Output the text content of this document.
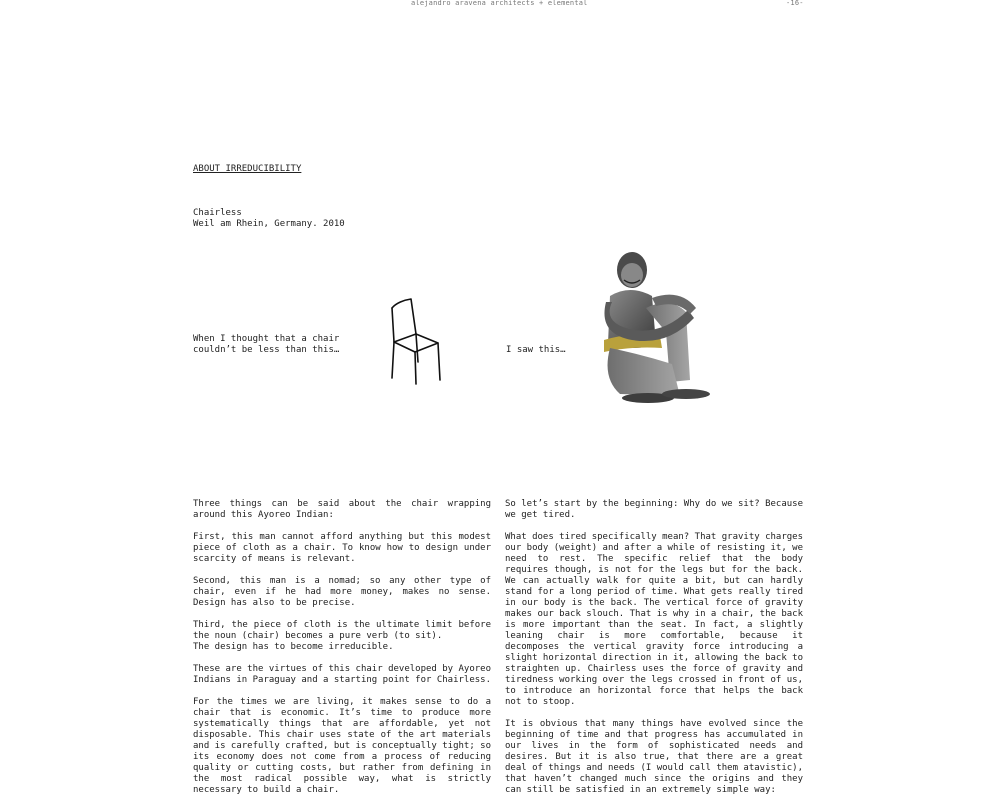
alejandro aravena architects + elemental	-16-
ABOUT IRREDUCIBILITY
Chairless
Weil am Rhein, Germany. 2010
When I thought that a chair
couldn’t be less than this…	I saw this…

Three things can be said about the chair wrapping around this Ayoreo Indian:

First, this man cannot afford anything but this modest piece of cloth as a chair. To know how to design under scarcity of means is relevant.

Second, this man is a nomad; so any other type of chair, even if he had more money, makes no sense. Design has also to be precise.

Third, the piece of cloth is the ultimate limit before the noun (chair) becomes a pure verb (to sit).
The design has to become irreducible.

These are the virtues of this chair developed by Ayoreo Indians in Paraguay and a starting point for Chairless.

For the times we are living, it makes sense to do a chair that is economic. It’s time to produce more systematically things that are affordable, yet not disposable. This chair uses state of the art materials and is carefully crafted, but is conceptually tight; so its economy does not come from a process of reducing quality or cutting costs, but rather from defining in the most radical possible way, what is strictly necessary to build a chair.

So let’s start by the beginning: Why do we sit? Because we get tired.

What does tired specifically mean? That gravity charges our body (weight) and after a while of resisting it, we need to rest. The specific relief that the body requires though, is not for the legs but for the back. We can actually walk for quite a bit, but can hardly stand for a long period of time. What gets really tired in our body is the back. The vertical force of gravity makes our back slouch. That is why in a chair, the back is more important than the seat. In fact, a slightly leaning chair is more comfortable, because it decomposes the vertical gravity force introducing a slight horizontal direction in it, allowing the back to straighten up. Chairless uses the force of gravity and tiredness working over the legs crossed in front of us, to introduce an horizontal force that helps the back not to stoop.

It is obvious that many things have evolved since the beginning of time and that progress has accumulated in our lives in the form of sophisticated needs and desires. But it is also true, that there are a great deal of things and needs (I would call them atavistic), that haven’t changed much since the origins and they can still be satisfied in an extremely simple way:
